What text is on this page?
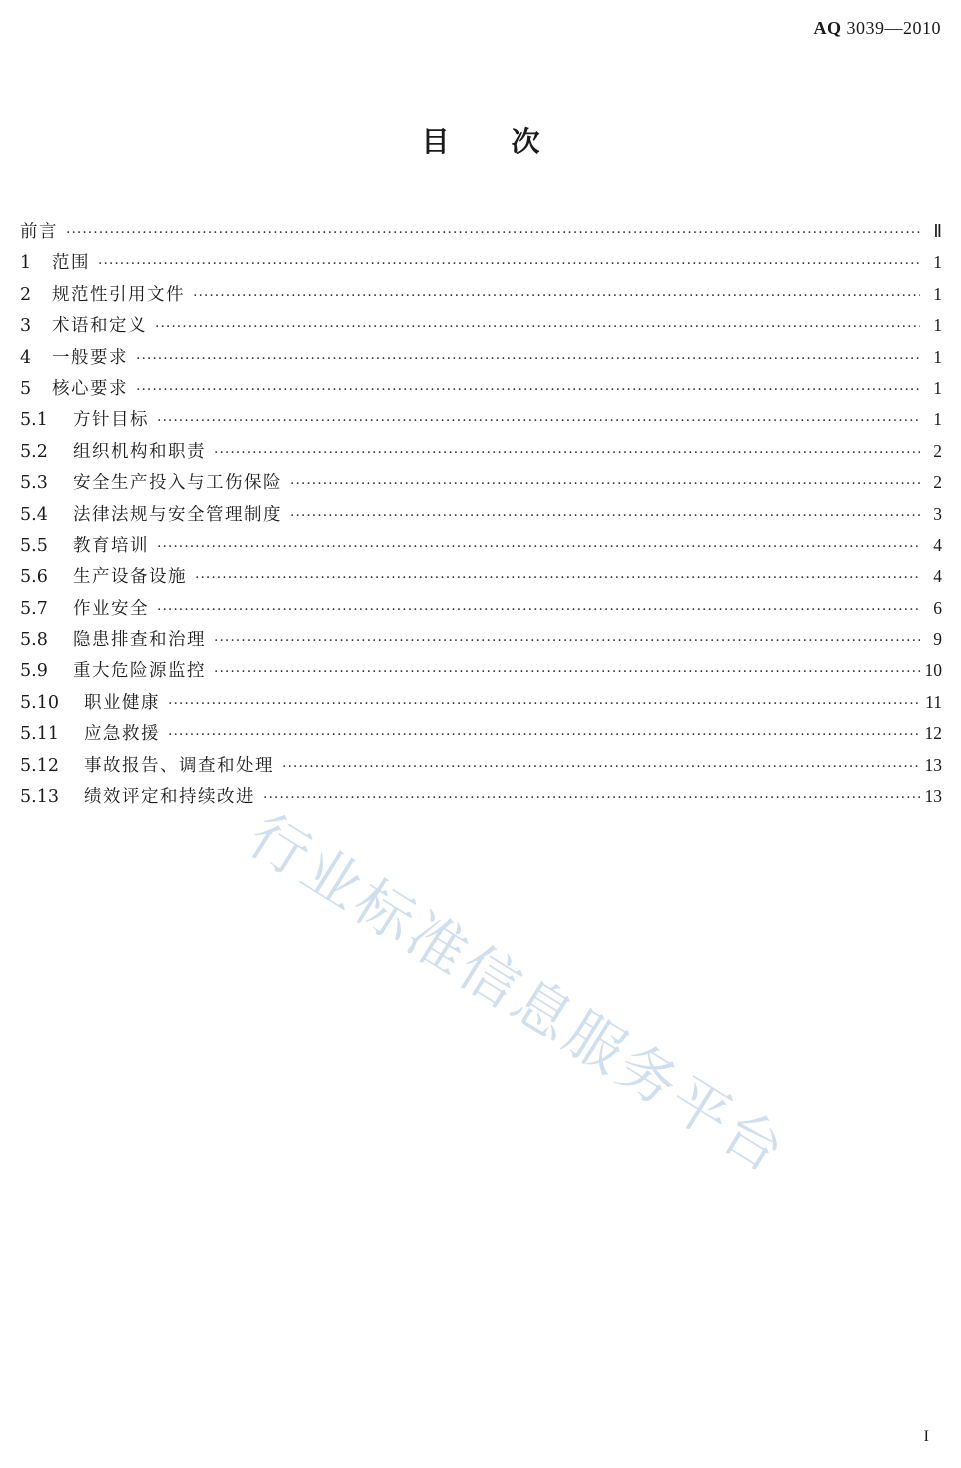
AQ 3039—2010
目 次
前言 ·····	Ⅱ
1	范围 ·····	1
2	规范性引用文件 ·····	1
3	术语和定义 ·····	1
4	一般要求 ·····	1
5	核心要求 ·····	1
5.1	方针目标 ·····	1
5.2	组织机构和职责 ·····	2
5.3	安全生产投入与工伤保险 ·····	2
5.4	法律法规与安全管理制度 ·····	3
5.5	教育培训 ·····	4
5.6	生产设备设施 ·····	4
5.7	作业安全 ·····	6
5.8	隐患排查和治理 ·····	9
5.9	重大危险源监控 ·····	10
5.10	职业健康 ·····	11
5.11	应急救援 ·····	12
5.12	事故报告、调查和处理 ·····	13
5.13	绩效评定和持续改进 ·····	13
行业标准信息服务平台
I
